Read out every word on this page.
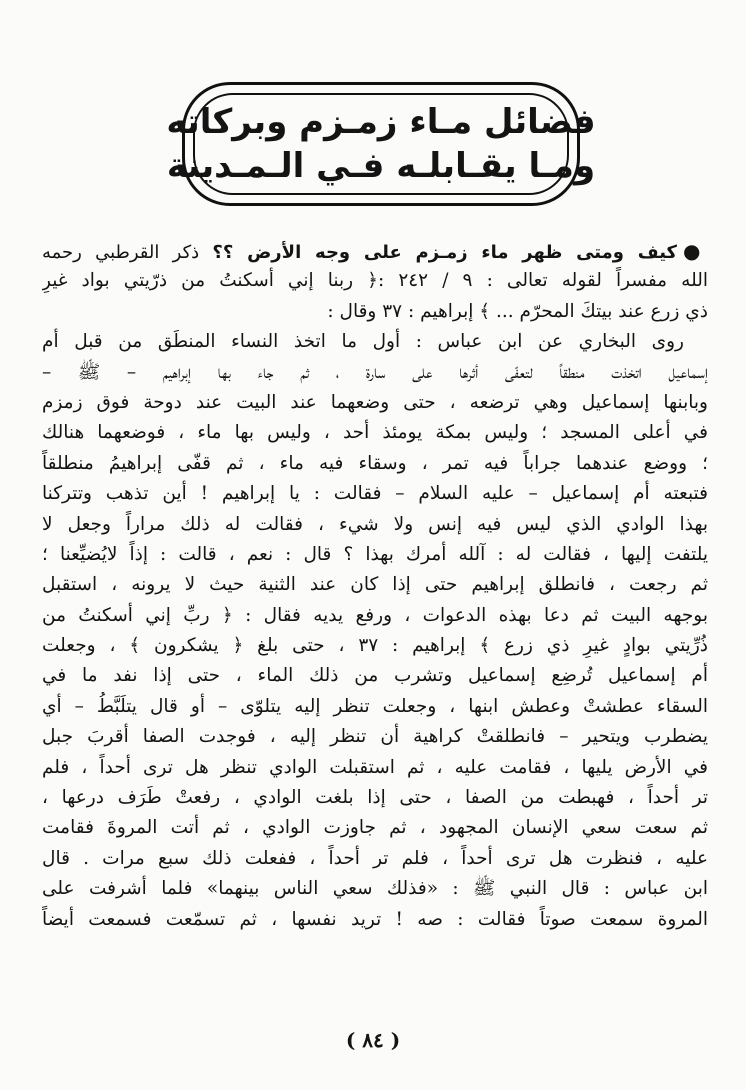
فضائل مـاء زمـزم وبركاته
ومـا يقـابلـه فـي الـمـدينة
●كيف ومتى ظهر ماء زمـزم على وجه الأرض ؟؟ ذكر القرطبي رحمه
الله مفسراً لقوله تعالى : ٩ / ٢٤٢ :﴿ ربنا إني أسكنتُ من ذرّيتي بواد غيرِ
ذي زرع عند بيتكَ المحرّم ... ﴾ إبراهيم : ٣٧ وقال :
روى البخاري عن ابن عباس : أول ما اتخذ النساء المنطَق من قبل أم
إسماعيل اتخذت منطقاً لتعفّى أثرها على سارة ، ثم جاء بها إبراهيم – ﷺ –
وبابنها إسماعيل وهي ترضعه ، حتى وضعهما عند البيت عند دوحة فوق زمزم
في أعلى المسجد ؛ وليس بمكة يومئذ أحد ، وليس بها ماء ، فوضعهما هنالك
؛ ووضع عندهما جراباً فيه تمر ، وسقاء فيه ماء ، ثم قفّى إبراهيمُ منطلقاً
فتبعته أم إسماعيل – عليه السلام – فقالت : يا إبراهيم ! أين تذهب وتتركنا
بهذا الوادي الذي ليس فيه إنس ولا شيء ، فقالت له ذلك مراراً وجعل لا
يلتفت إليها ، فقالت له : آلله أمرك بهذا ؟ قال : نعم ، قالت : إذاً لايُضيِّعنا ؛
ثم رجعت ، فانطلق إبراهيم حتى إذا كان عند الثنية حيث لا يرونه ، استقبل
بوجهه البيت ثم دعا بهذه الدعوات ، ورفع يديه فقال : ﴿ ربِّ إني أسكنتُ من
ذُرِّيتي بوادٍ غيرِ ذي زرع ﴾ إبراهيم : ٣٧ ، حتى بلغ ﴿ يشكرون ﴾ ، وجعلت
أم إسماعيل تُرضِع إسماعيل وتشرب من ذلك الماء ، حتى إذا نفد ما في
السقاء عطشتْ وعطش ابنها ، وجعلت تنظر إليه يتلوّى – أو قال يتلَبَّطُ – أي
يضطرب ويتحير – فانطلقتْ كراهية أن تنظر إليه ، فوجدت الصفا أقربَ جبل
في الأرض يليها ، فقامت عليه ، ثم استقبلت الوادي تنظر هل ترى أحداً ، فلم
تر أحداً ، فهبطت من الصفا ، حتى إذا بلغت الوادي ، رفعتْ طَرَف درعها ،
ثم سعت سعي الإنسان المجهود ، ثم جاوزت الوادي ، ثم أتت المروةَ فقامت
عليه ، فنظرت هل ترى أحداً ، فلم تر أحداً ، ففعلت ذلك سبع مرات . قال
ابن عباس : قال النبي ﷺ : «فذلك سعي الناس بينهما» فلما أشرفت على
المروة سمعت صوتاً فقالت : صه ! تريد نفسها ، ثم تسمّعت فسمعت أيضاً
( ٨٤ )
